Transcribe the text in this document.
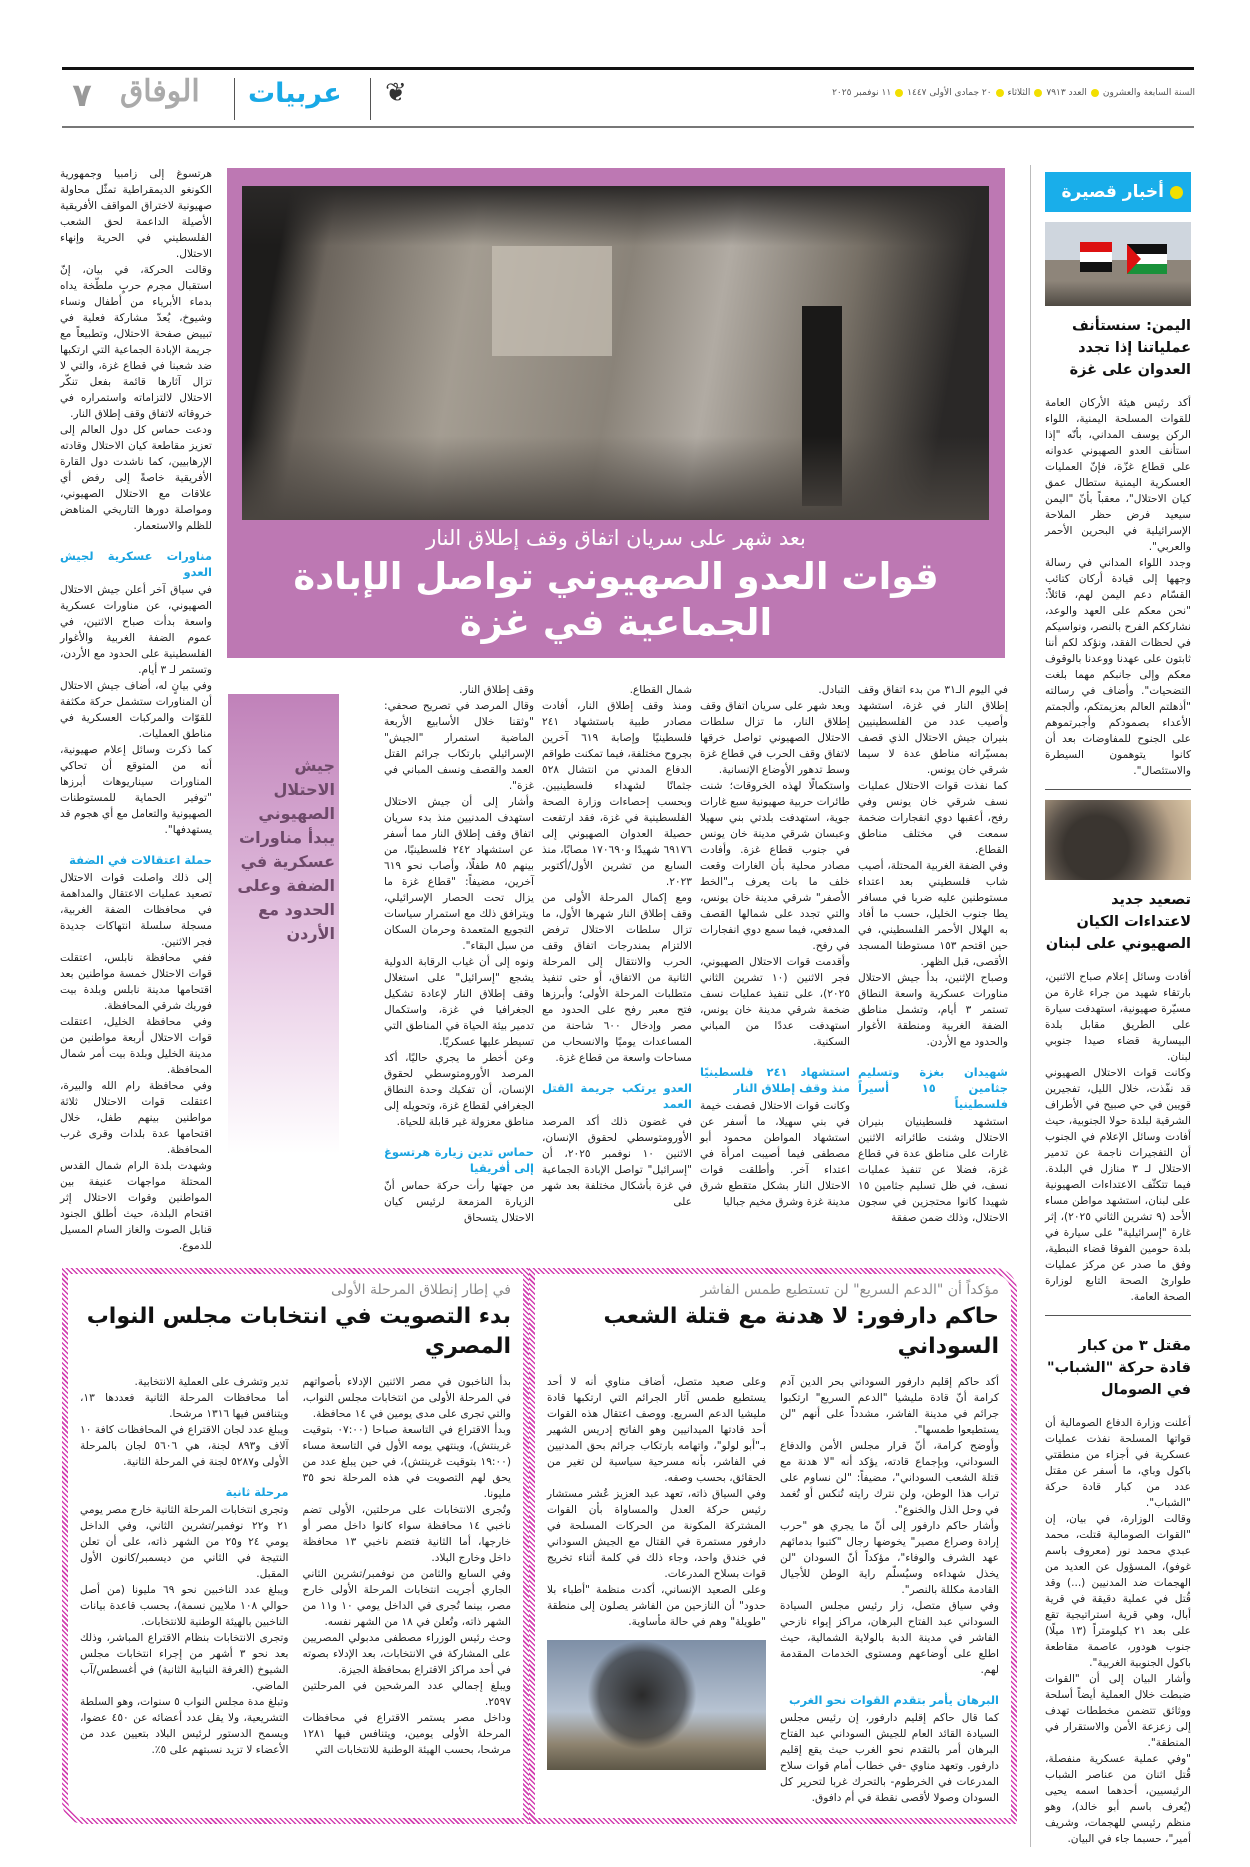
٧ الوفاق عربيات ❦	السنة السابعة والعشرون
العدد ٧٩١٣
الثلاثاء
٢٠ جمادى الأولى ١٤٤٧
١١ نوفمبر ٢٠٢٥
أخبار قصيرة
اليمن: سنستأنف عملياتنا إذا تجدد العدوان على غزة

أكد رئيس هيئة الأركان العامة للقوات المسلحة اليمنية، اللواء الركن يوسف المداني، بأنّه "إذا استأنف العدو الصهيوني عدوانه على قطاع غزّة، فإنّ العمليات العسكرية اليمنية ستطال عمق كيان الاحتلال"، معقباً بأنّ "اليمن سيعيد فرض حظر الملاحة الإسرائيلية في البحرين الأحمر والعربي".

وجدد اللواء المداني في رسالة وجهها إلى قيادة أركان كتائب القسّام دعم اليمن لهم، قائلاً: "نحن معكم على العهد والوعد، نشارككم الفرح بالنصر، ونواسيكم في لحظات الفقد، ونؤكد لكم أننا ثابتون على عهدنا ووعدنا بالوقوف معكم وإلى جانبكم مهما بلغت التضحيات". وأضاف في رسالته "أذهلتم العالم بعزيمتكم، وألجمتم الأعداء بصمودكم وأجبرتموهم على الجنوح للمفاوضات بعد أن كانوا يتوهمون السيطرة والاستئصال".

تصعيد جديد لاعتداءات الكيان الصهيوني على لبنان

أفادت وسائل إعلام صباح الاثنين، بارتقاء شهيد من جراء غارة من مسيّرة صهيونية، استهدفت سيارة على الطريق مقابل بلدة البيسارية قضاء صيدا جنوبي لبنان.

وكانت قوات الاحتلال الصهيوني قد نفّذت، خلال الليل، تفجيرين قويين في حي صبيح في الأطراف الشرقية لبلدة حولا الجنوبية، حيث أفادت وسائل الإعلام في الجنوب أن التفجيرات ناجمة عن تدمير الاحتلال لـ ٣ منازل في البلدة. فيما تتكثّف الاعتداءات الصهيونية على لبنان، استشهد مواطن مساء الأحد (٩ تشرين الثاني ٢٠٢٥)، إثر غارة "إسرائيلية" على سيارة في بلدة حومين الفوقا قضاء النبطية، وفق ما صدر عن مركز عمليات طوارئ الصحة التابع لوزارة الصحة العامة.

مقتل ٣ من كبار قادة حركة "الشباب" في الصومال

أعلنت وزارة الدفاع الصومالية أن قواتها المسلحة نفذت عمليات عسكرية في أجزاء من منطقتي باكول وباي، ما أسفر عن مقتل عدد من كبار قادة حركة "الشباب".

وقالت الوزارة، في بيان، إن "القوات الصومالية قتلت، محمد عبدي محمد نور (معروف باسم غوفو)، المسؤول عن العديد من الهجمات ضد المدنيين (...) وقد قُتل في عملية دقيقة في قرية أبال، وهي قرية استراتيجية تقع على بعد ٢١ كيلومتراً (١٣ ميلًا) جنوب هودور، عاصمة مقاطعة باكول الجنوبية الغربية".

وأشار البيان إلى أن "القوات ضبطت خلال العملية أيضاً أسلحة ووثائق تتضمن مخططات تهدف إلى زعزعة الأمن والاستقرار في المنطقة".

"وفي عملية عسكرية منفصلة، قُتل اثنان من عناصر الشباب الرئيسيين، أحدهما اسمه يحيى (يُعرف باسم أبو خالد)، وهو منظم رئيسي للهجمات، وشريف أمير"، حسبما جاء في البيان.

بعد شهر على سريان اتفاق وقف إطلاق النار
قوات العدو الصهيوني تواصل الإبادة الجماعية في غزة
جيش الاحتلال الصهيوني يبدأ مناورات عسكرية في الضفة وعلى الحدود مع الأردن

في اليوم الـ٣١ من بدء اتفاق وقف إطلاق النار في غزة، استشهد وأصيب عدد من الفلسطينيين بنيران جيش الاحتلال الذي قصف بمسيّراته مناطق عدة لا سيما شرقي خان يونس.

كما نفذت قوات الاحتلال عمليات نسف شرقي خان يونس وفي رفح، أعقبها دوي انفجارات ضخمة سمعت في مختلف مناطق القطاع.

وفي الضفة الغربية المحتلة، أصيب شاب فلسطيني بعد اعتداء مستوطنين عليه ضربا في مسافر يطا جنوب الخليل، حسب ما أفاد به الهلال الأحمر الفلسطيني، في حين اقتحم ١٥٣ مستوطنا المسجد الأقصى، قبل الظهر.

وصباح الإثنين، بدأ جيش الاحتلال مناورات عسكرية واسعة النطاق تستمر ٣ أيام، وتشمل مناطق الضفة الغربية ومنطقة الأغوار والحدود مع الأردن.

شهيدان بغزة وتسليم جثامين ١٥ أسيراً فلسطينياً

استشهد فلسطينيان بنيران الاحتلال وشنت طائراته الاثنين غارات على مناطق عدة في قطاع غزة، فضلا عن تنفيذ عمليات نسف، في ظل تسليم جثامين ١٥ شهيدا كانوا محتجزين في سجون الاحتلال، وذلك ضمن صفقة

التبادل.

وبعد شهر على سريان اتفاق وقف إطلاق النار، ما تزال سلطات الاحتلال الصهيوني تواصل خرقها لاتفاق وقف الحرب في قطاع غزة وسط تدهور الأوضاع الإنسانية.

واستكمالًا لهذه الخروقات؛ شنت طائرات حربية صهيونية سبع غارات جوية، استهدفت بلدتي بني سهيلا وعبسان شرقي مدينة خان يونس في جنوب قطاع غزة. وأفادت مصادر محلية بأن الغارات وقعت خلف ما بات يعرف بـ"الخط الأصفر" شرقي مدينة خان يونس، والتي تجدد على شمالها القصف المدفعي، فيما سمع دوي انفجارات في رفح.

وأقدمت قوات الاحتلال الصهيوني، فجر الاثنين (١٠ تشرين الثاني ٢٠٢٥)، على تنفيذ عمليات نسف ضخمة شرقي مدينة خان يونس، استهدفت عددًا من المباني السكنية.

استشهاد ٢٤١ فلسطينيًا منذ وقف إطلاق النار

وكانت قوات الاحتلال قصفت خيمة في بني سهيلا، ما أسفر عن استشهاد المواطن محمود أبو مصطفى فيما أصيبت امرأة في اعتداء آخر. وأطلقت قوات الاحتلال النار بشكل متقطع شرق مدينة غزة وشرق مخيم جباليا

شمال القطاع.

ومنذ وقف إطلاق النار، أفادت مصادر طبية باستشهاد ٢٤١ فلسطينيًا وإصابة ٦١٩ آخرين بجروح مختلفة، فيما تمكنت طواقم الدفاع المدني من انتشال ٥٢٨ جثمانًا لشهداء فلسطينيين. وبحسب إحصاءات وزارة الصحة الفلسطينية في غزة، فقد ارتفعت حصيلة العدوان الصهيوني إلى ٦٩١٧٦ شهيدًا و١٧٠٦٩٠ مصابًا، منذ السابع من تشرين الأول/أكتوبر ٢٠٢٣.

ومع إكمال المرحلة الأولى من وقف إطلاق النار شهرها الأول، ما تزال سلطات الاحتلال ترفض الالتزام بمندرجات اتفاق وقف الحرب والانتقال إلى المرحلة الثانية من الاتفاق، أو حتى تنفيذ متطلبات المرحلة الأولى؛ وأبرزها فتح معبر رفح على الحدود مع مصر وإدخال ٦٠٠ شاحنة من المساعدات يوميًا والانسحاب من مساحات واسعة من قطاع غزة.

العدو يرتكب جريمة القتل العمد

في غضون ذلك أكد المرصد الأورومتوسطي لحقوق الإنسان، الاثنين ١٠ نوفمبر ٢٠٢٥، أن "إسرائيل" تواصل الإبادة الجماعية في غزة بأشكال مختلفة بعد شهر على

وقف إطلاق النار.

وقال المرصد في تصريح صحفي: "وثقنا خلال الأسابيع الأربعة الماضية استمرار "الجيش" الإسرائيلي بارتكاب جرائم القتل العمد والقصف ونسف المباني في غزة".

وأشار إلى أن جيش الاحتلال استهدف المدنيين منذ بدء سريان اتفاق وقف إطلاق النار مما أسفر عن استشهاد ٢٤٢ فلسطينيًا، من بينهم ٨٥ طفلًا، وأصاب نحو ٦١٩ آخرين، مضيفاً: "قطاع غزة ما يزال تحت الحصار الإسرائيلي، ويترافق ذلك مع استمرار سياسات التجويع المتعمدة وحرمان السكان من سبل البقاء".

ونوه إلى أن غياب الرقابة الدولية يشجع "إسرائيل" على استغلال وقف إطلاق النار لإعادة تشكيل الجغرافيا في غزة، واستكمال تدمير بيئة الحياة في المناطق التي تسيطر عليها عسكريًا.

وعن أخطر ما يجري حاليًا، أكد المرصد الأورومتوسطي لحقوق الإنسان، أن تفكيك وحدة النطاق الجغرافي لقطاع غزة، وتحويله إلى مناطق معزولة غير قابلة للحياة.

حماس تدين زيارة هرتسوغ إلى أفريقيا

من جهتها رأت حركة حماس أنّ الزيارة المزمعة لرئيس كيان الاحتلال يتسحاق

هرتسوغ إلى زامبيا وجمهورية الكونغو الديمقراطية تمثّل محاولة صهيونية لاختراق المواقف الأفريقية الأصيلة الداعمة لحق الشعب الفلسطيني في الحرية وإنهاء الاحتلال.

وقالت الحركة، في بيان، إنّ استقبال مجرم حربٍ ملطّخة يداه بدماء الأبرياء من أطفال ونساء وشيوخ، يُعدّ مشاركة فعلية في تبييض صفحة الاحتلال، وتطبيعاً مع جريمة الإبادة الجماعية التي ارتكبها ضد شعبنا في قطاع غزة، والتي لا تزال آثارها قائمة بفعل تنكّر الاحتلال لالتزاماته واستمراره في خروقاته لاتفاق وقف إطلاق النار.

ودعت حماس كل دول العالم إلى تعزيز مقاطعة كيان الاحتلال وقادته الإرهابيين، كما ناشدت دول القارة الأفريقية خاصةً إلى رفض أي علاقات مع الاحتلال الصهيوني، ومواصلة دورها التاريخي المناهض للظلم والاستعمار.

مناورات عسكرية لجيش العدو

في سياق آخر أعلن جيش الاحتلال الصهيوني، عن مناورات عسكرية واسعة بدأت صباح الاثنين، في عموم الضفة الغربية والأغوار الفلسطينية على الحدود مع الأردن، وتستمر لـ ٣ أيام.

وفي بيانٍ له، أضاف جيش الاحتلال أن المناورات ستشمل حركة مكثفة للقوّات والمركبات العسكرية في مناطق العمليات.

كما ذكرت وسائل إعلام صهيونية، أنه من المتوقع أن تحاكي المناورات سيناريوهات أبرزها "توفير الحماية للمستوطنات الصهيونية والتعامل مع أي هجوم قد يستهدفها".

حملة اعتقالات في الضفة

إلى ذلك واصلت قوات الاحتلال تصعيد عمليات الاعتقال والمداهمة في محافظات الضفة الغربية، مسجلة سلسلة انتهاكات جديدة فجر الاثنين.

ففي محافظة نابلس، اعتقلت قوات الاحتلال خمسة مواطنين بعد اقتحامها مدينة نابلس وبلدة بيت فوريك شرقي المحافظة.

وفي محافظة الخليل، اعتقلت قوات الاحتلال أربعة مواطنين من مدينة الخليل وبلدة بيت أمر شمال المحافظة.

وفي محافظة رام الله والبيرة، اعتقلت قوات الاحتلال ثلاثة مواطنين بينهم طفل، خلال اقتحامها عدة بلدات وقرى غرب المحافظة.

وشهدت بلدة الرام شمال القدس المحتلة مواجهات عنيفة بين المواطنين وقوات الاحتلال إثر اقتحام البلدة، حيث أطلق الجنود قنابل الصوت والغاز السام المسيل للدموع.

مؤكداً أن "الدعم السريع" لن تستطيع طمس الفاشر
حاكم دارفور: لا هدنة مع قتلة الشعب السوداني

أكد حاكم إقليم دارفور السوداني بحر الدين آدم كرامة أنّ قادة مليشيا "الدعم السريع" ارتكبوا جرائم في مدينة الفاشر، مشدداً على أنهم "لن يستطيعوا طمسها".

وأوضح كرامة، أنّ قرار مجلس الأمن والدفاع السوداني، وبإجماع قادته، يؤكد أنه "لا هدنة مع قتلة الشعب السوداني"، مضيفاً: "لن نساوم على تراب هذا الوطن، ولن نترك رايته تُنكس أو تُغمد في وحل الذل والخنوع".

وأشار حاكم دارفور إلى أنّ ما يجري هو "حرب إرادة وصراع مصير" يخوضها رجال "كتبوا بدمائهم عهد الشرف والوفاء"، مؤكداً أنّ السودان "لن يخذل شهداءه وسيُسلّم راية الوطن للأجيال القادمة مكللة بالنصر".

وفي سياق متصل، زار رئيس مجلس السيادة السوداني عبد الفتاح البرهان، مراكز إيواء نازحي الفاشر في مدينة الدبة بالولاية الشمالية، حيث اطلع على أوضاعهم ومستوى الخدمات المقدمة لهم.

البرهان يأمر بتقدم القوات نحو الغرب

كما قال حاكم إقليم دارفور، إن رئيس مجلس السيادة القائد العام للجيش السوداني عبد الفتاح البرهان أمر بالتقدم نحو الغرب حيث يقع إقليم دارفور. وتعهد مناوي -في خطاب أمام قوات سلاح المدرعات في الخرطوم- بالتحرك غربا لتحرير كل السودان وصولا لأقصى نقطة في أم دافوق.

وعلى صعيد متصل، أضاف مناوي أنه لا أحد يستطيع طمس آثار الجرائم التي ارتكبها قادة مليشيا الدعم السريع. ووصف اعتقال هذه القوات أحد قادتها الميدانيين وهو الفاتح إدريس الشهير بـ"أبو لولو"، واتهامه بارتكاب جرائم بحق المدنيين في الفاشر، بأنه مسرحية سياسية لن تغير من الحقائق، بحسب وصفه.

وفي السياق ذاته، تعهد عبد العزيز عُشر مستشار رئيس حركة العدل والمساواة بأن القوات المشتركة المكونة من الحركات المسلحة في دارفور مستمرة في القتال مع الجيش السوداني في خندق واحد، وجاء ذلك في كلمة أثناء تخريج قوات بسلاح المدرعات.

وعلى الصعيد الإنساني، أكدت منظمة "أطباء بلا حدود" أن النازحين من الفاشر يصلون إلى منطقة "طويلة" وهم في حالة مأساوية.

في إطار إنطلاق المرحلة الأولى
بدء التصويت في انتخابات مجلس النواب المصري

بدأ الناخبون في مصر الاثنين الإدلاء بأصواتهم في المرحلة الأولى من انتخابات مجلس النواب، والتي تجرى على مدى يومين في ١٤ محافظة.

وبدأ الاقتراع في التاسعة صباحا (٠٧:٠٠ بتوقيت غرينتش)، وينتهي يومه الأول في التاسعة مساء (١٩:٠٠ بتوقيت غرينتش)، في حين يبلغ عدد من يحق لهم التصويت في هذه المرحلة نحو ٣٥ مليونا.

وتُجرى الانتخابات على مرحلتين، الأولى تضم ناخبي ١٤ محافظة سواء كانوا داخل مصر أو خارجها، أما الثانية فتضم ناخبي ١٣ محافظة داخل وخارج البلاد.

وفي السابع والثامن من نوفمبر/تشرين الثاني الجاري أجريت انتخابات المرحلة الأولى خارج مصر، بينما تُجرى في الداخل يومي ١٠ و١١ من الشهر ذاته، وتُعلن في ١٨ من الشهر نفسه.

وحث رئيس الوزراء مصطفى مدبولي المصريين على المشاركة في الانتخابات، بعد الإدلاء بصوته في أحد مراكز الاقتراع بمحافظة الجيزة.

ويبلغ إجمالي عدد المرشحين في المرحلتين ٢٥٩٧.

وداخل مصر يستمر الاقتراع في محافظات المرحلة الأولى يومين، ويتنافس فيها ١٢٨١ مرشحا، بحسب الهيئة الوطنية للانتخابات التي

تدير وتشرف على العملية الانتخابية.

أما محافظات المرحلة الثانية فعددها ١٣، ويتنافس فيها ١٣١٦ مرشحا.

ويبلغ عدد لجان الاقتراع في المحافظات كافة ١٠ آلاف و٨٩٣ لجنة، هي ٥٦٠٦ لجان بالمرحلة الأولى و٥٢٨٧ لجنة في المرحلة الثانية.

مرحلة ثانية

وتجرى انتخابات المرحلة الثانية خارج مصر يومي ٢١ و٢٢ نوفمبر/تشرين الثاني، وفي الداخل يومي ٢٤ و٢٥ من الشهر ذاته، على أن تعلن النتيجة في الثاني من ديسمبر/كانون الأول المقبل.

ويبلغ عدد الناخبين نحو ٦٩ مليونا (من أصل حوالي ١٠٨ ملايين نسمة)، بحسب قاعدة بيانات الناخبين بالهيئة الوطنية للانتخابات.

وتجرى الانتخابات بنظام الاقتراع المباشر، وذلك بعد نحو ٣ أشهر من إجراء انتخابات مجلس الشيوخ (الغرفة النيابية الثانية) في أغسطس/آب الماضي.

وتبلغ مدة مجلس النواب ٥ سنوات، وهو السلطة التشريعية، ولا يقل عدد أعضائه عن ٤٥٠ عضوا، ويسمح الدستور لرئيس البلاد بتعيين عدد من الأعضاء لا تزيد نسبتهم على ٥٪.
